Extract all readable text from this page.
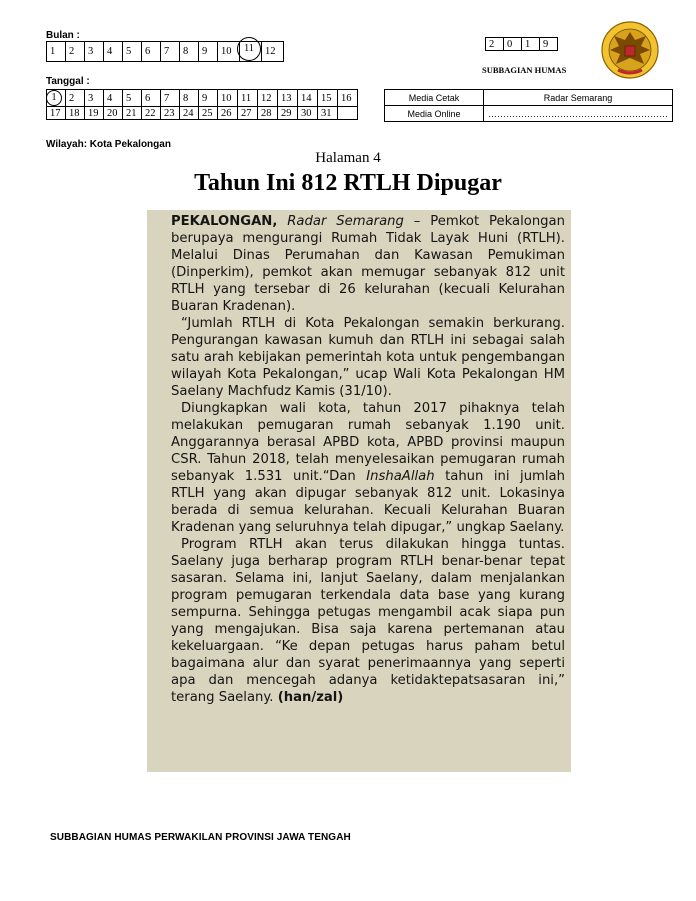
Bulan :
1	2	3	4	5	6	7	8	9	10	11	12
2	0	1	9
SUBBAGIAN HUMAS
Tanggal :
1	2	3	4	5	6	7	8	9	10	11	12	13	14	15	16
17	18	19	20	21	22	23	24	25	26	27	28	29	30	31	
Media Cetak	Radar Semarang
Media Online	……………………………………………………
Wilayah: Kota Pekalongan
Halaman 4
Tahun Ini 812 RTLH Dipugar

PEKALONGAN, Radar Semarang – Pemkot Pekalongan berupaya mengurangi Rumah Tidak Layak Huni (RTLH). Melalui Dinas Perumahan dan Kawasan Pemukiman (Dinperkim), pemkot akan memugar sebanyak 812 unit RTLH yang tersebar di 26 kelurahan (kecuali Kelurahan Buaran Kradenan).

“Jumlah RTLH di Kota Pekalongan semakin berkurang. Pengurangan kawasan kumuh dan RTLH ini sebagai salah satu arah kebijakan pemerintah kota untuk pengembangan wilayah Kota Pekalongan,” ucap Wali Kota Pekalongan HM Saelany Machfudz Kamis (31/10).

Diungkapkan wali kota, tahun 2017 pihaknya telah melakukan pemugaran rumah sebanyak 1.190 unit. Anggarannya berasal APBD kota, APBD provinsi maupun CSR. Tahun 2018, telah menyelesaikan pemugaran rumah sebanyak 1.531 unit.“Dan InshaAllah tahun ini jumlah RTLH yang akan dipugar sebanyak 812 unit. Lokasinya berada di semua kelurahan. Kecuali Kelurahan Buaran Kradenan yang seluruhnya telah dipugar,” ungkap Saelany.

Program RTLH akan terus dilakukan hingga tuntas. Saelany juga berharap program RTLH benar-benar tepat sasaran. Selama ini, lanjut Saelany, dalam menjalankan program pemugaran terkendala data base yang kurang sempurna. Sehingga petugas mengambil acak siapa pun yang mengajukan. Bisa saja karena pertemanan atau kekeluargaan. “Ke depan petugas harus paham betul bagaimana alur dan syarat penerimaannya yang seperti apa dan mencegah adanya ketidaktepatsasaran ini,” terang Saelany. (han/zal)

SUBBAGIAN HUMAS PERWAKILAN PROVINSI JAWA TENGAH
